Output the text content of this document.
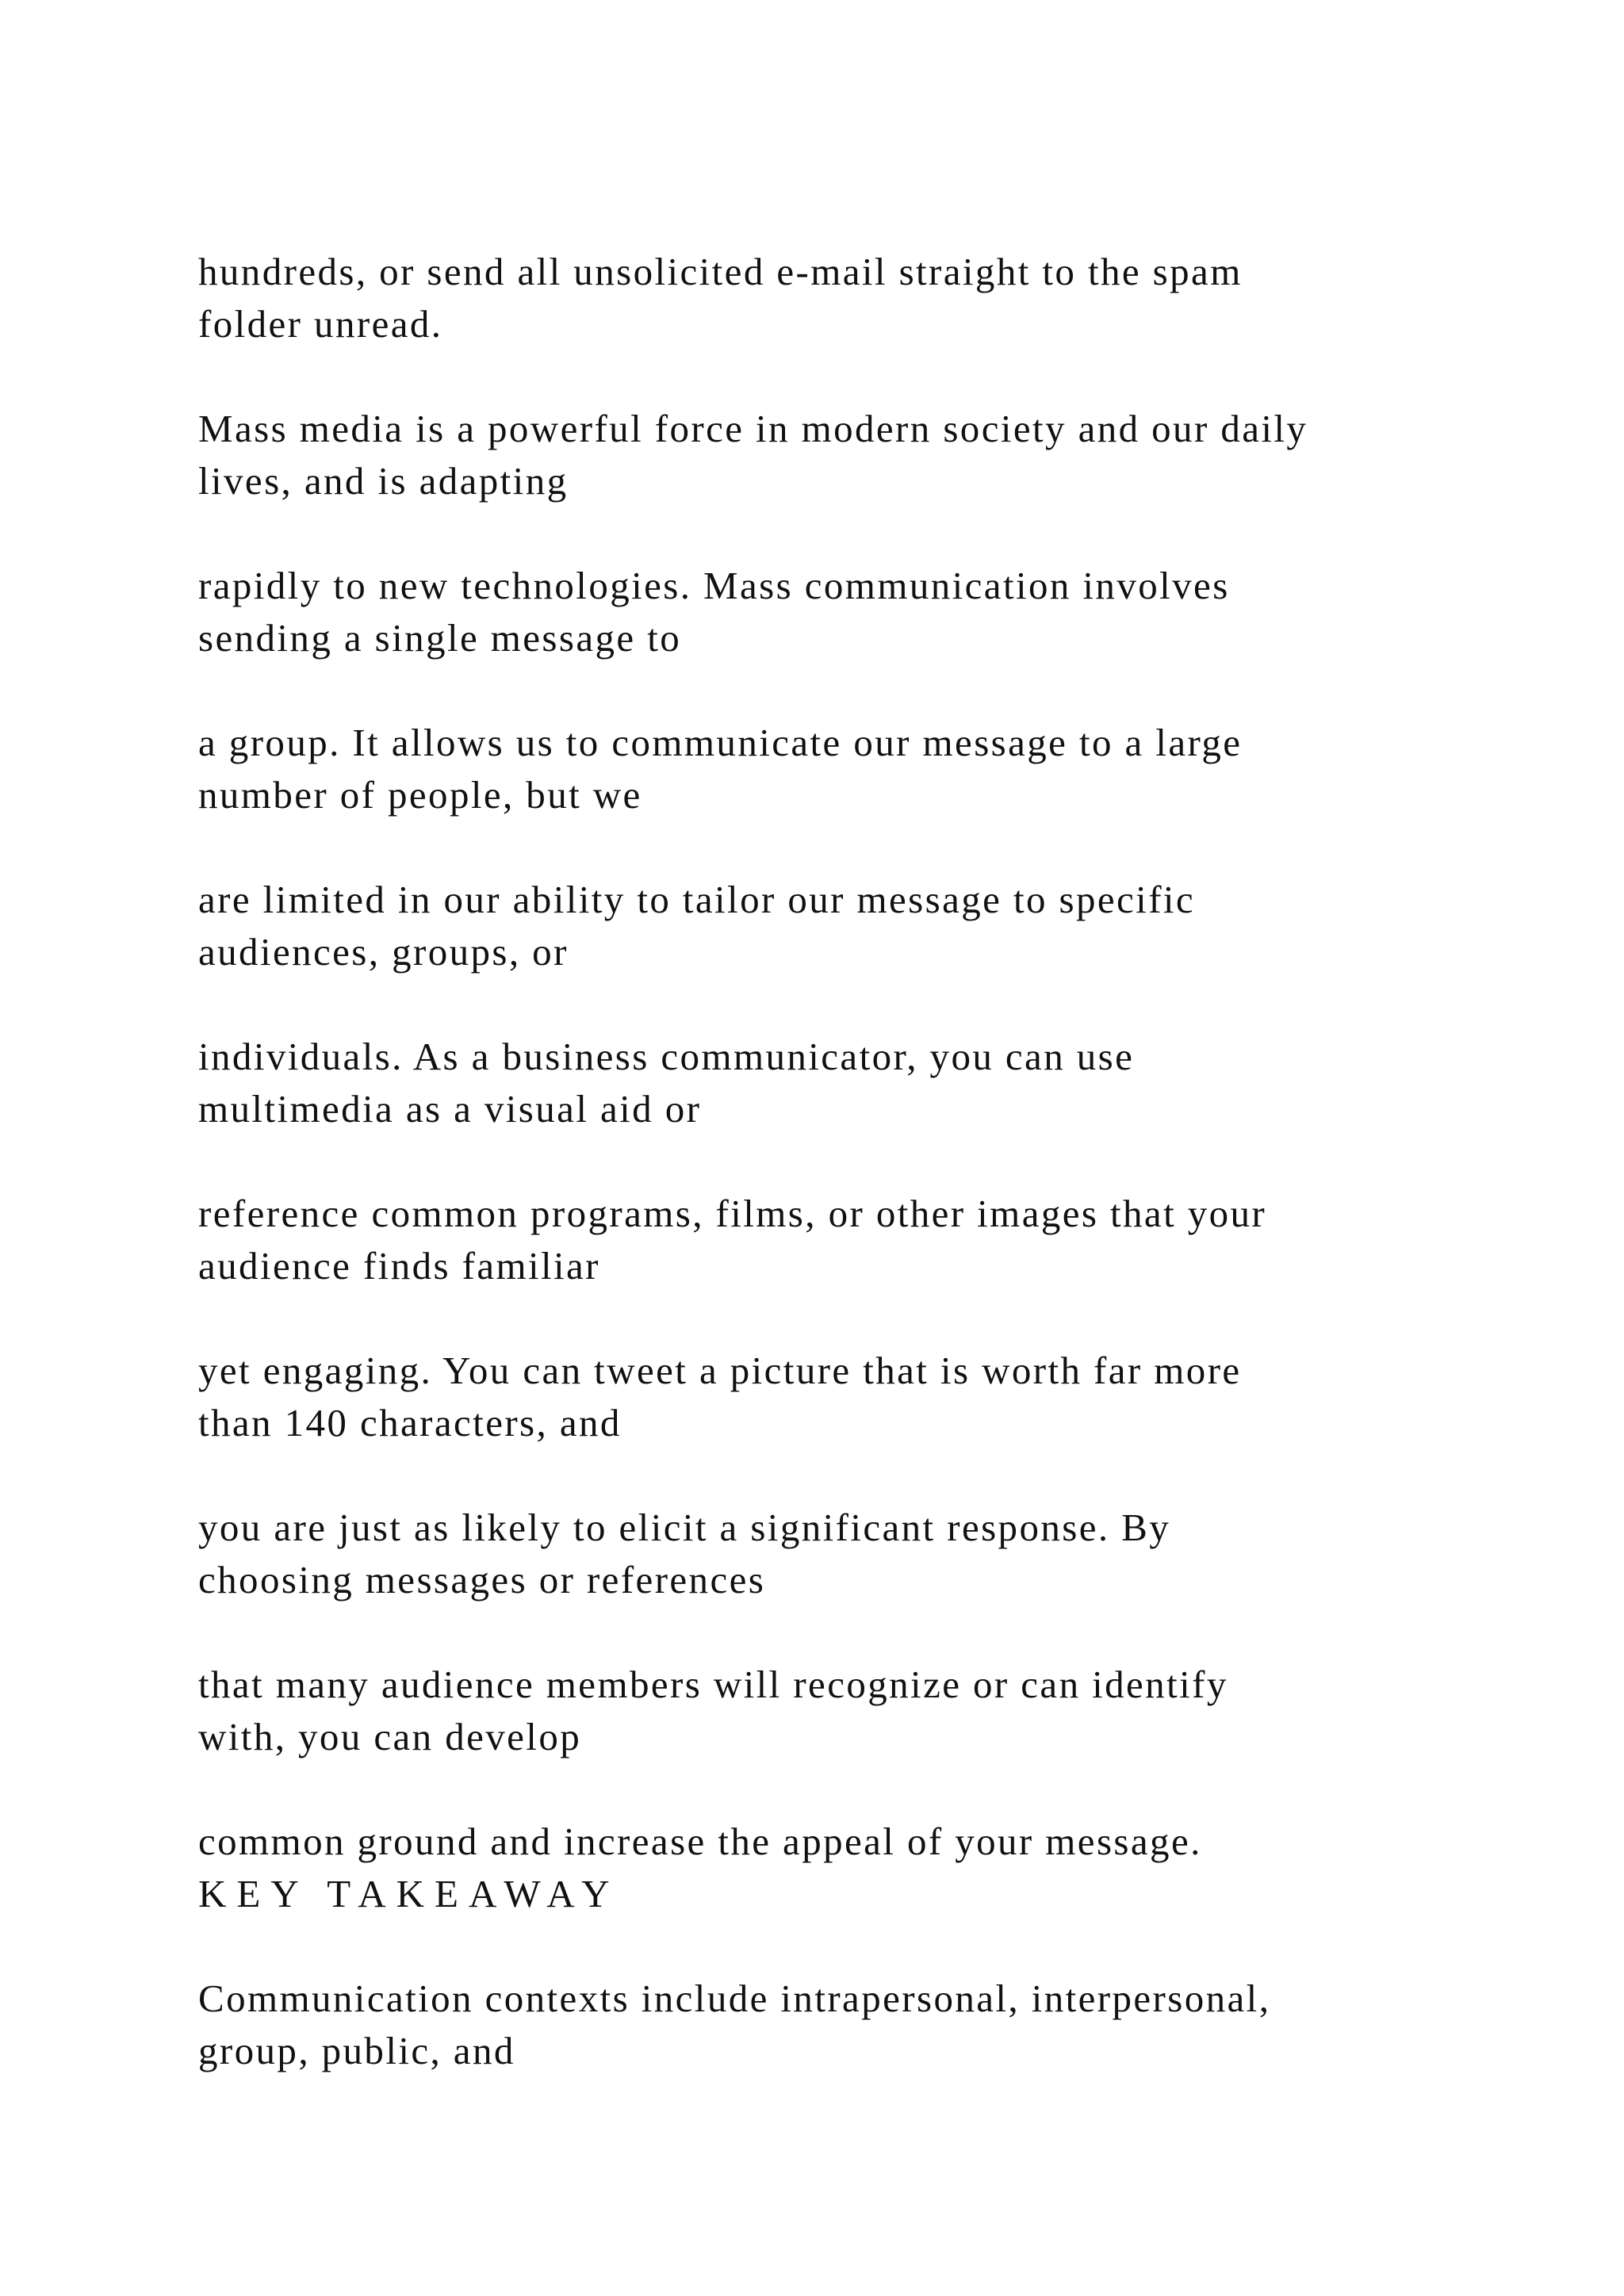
hundreds, or send all unsolicited e-mail straight to the spam
folder unread.

Mass media is a powerful force in modern society and our daily
lives, and is adapting

rapidly to new technologies. Mass communication involves
sending a single message to

a group. It allows us to communicate our message to a large
number of people, but we

are limited in our ability to tailor our message to specific
audiences, groups, or

individuals. As a business communicator, you can use
multimedia as a visual aid or

reference common programs, films, or other images that your
audience finds familiar

yet engaging. You can tweet a picture that is worth far more
than 140 characters, and

you are just as likely to elicit a significant response. By
choosing messages or references

that many audience members will recognize or can identify
with, you can develop

common ground and increase the appeal of your message.
KEY TAKEAWAY

Communication contexts include intrapersonal, interpersonal,
group, public, and
